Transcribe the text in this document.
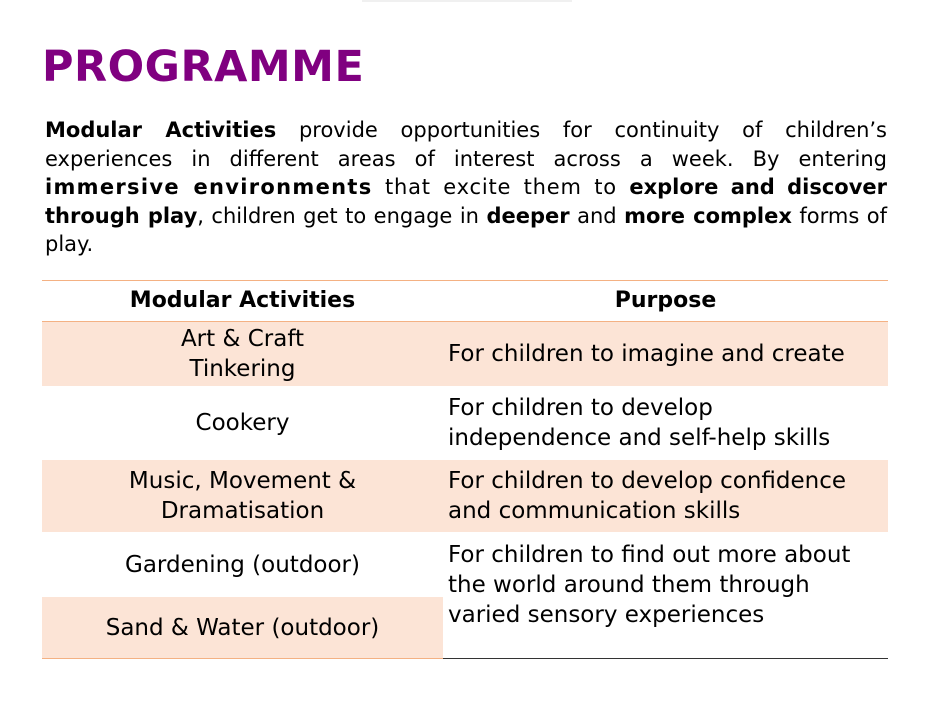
PROGRAMME

Modular Activities provide opportunities for continuity of children’s experiences in different areas of interest across a week. By entering immersive environments that excite them to explore and discover through play, children get to engage in deeper and more complex forms of play.

Modular Activities	Purpose
Art & Craft
Tinkering
For children to imagine and create
Cookery
For children to develop
independence and self-help skills
Music, Movement &
Dramatisation
For children to develop confidence
and communication skills
Gardening (outdoor)
Sand & Water (outdoor)
For children to find out more about
the world around them through
varied sensory experiences
